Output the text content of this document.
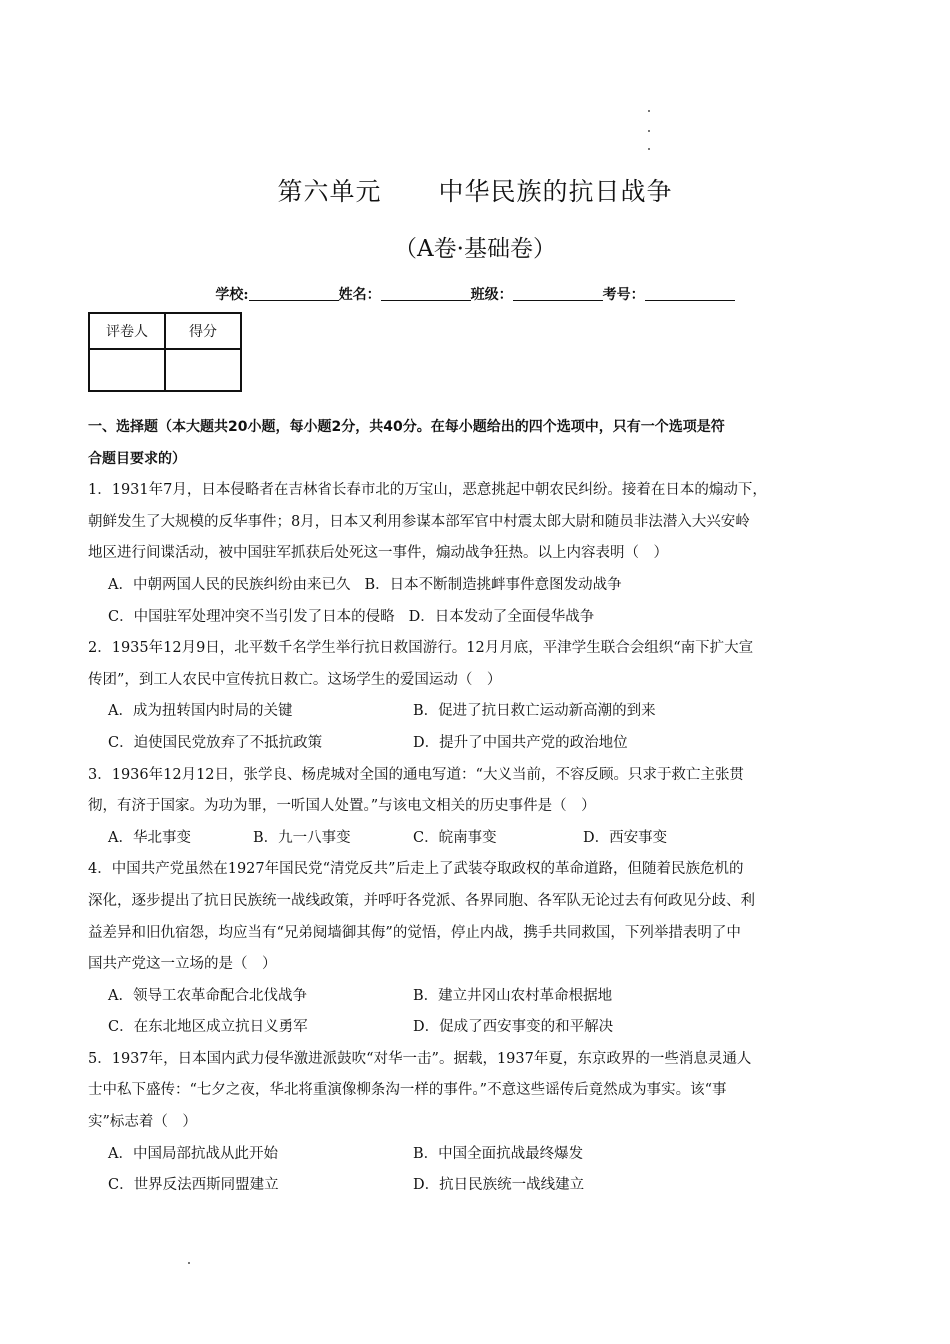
第六单元 中华民族的抗日战争
（A卷·基础卷）
学校:	姓名：	班级：	考号：
评卷人	得分

一、选择题（本大题共20小题，每小题2分，共40分。在每小题给出的四个选项中，只有一个选项是符
合题目要求的）
1．1931年7月，日本侵略者在吉林省长春市北的万宝山，恶意挑起中朝农民纠纷。接着在日本的煽动下，
朝鲜发生了大规模的反华事件；8月，日本又利用参谋本部军官中村震太郎大尉和随员非法潜入大兴安岭
地区进行间谍活动，被中国驻军抓获后处死这一事件，煽动战争狂热。以上内容表明（　）
A．中朝两国人民的民族纠纷由来已久 B．日本不断制造挑衅事件意图发动战争
C．中国驻军处理冲突不当引发了日本的侵略 D．日本发动了全面侵华战争
2．1935年12月9日，北平数千名学生举行抗日救国游行。12月月底，平津学生联合会组织“南下扩大宣
传团”，到工人农民中宣传抗日救亡。这场学生的爱国运动（　）
A．成为扭转国内时局的关键	B．促进了抗日救亡运动新高潮的到来
C．迫使国民党放弃了不抵抗政策	D．提升了中国共产党的政治地位
3．1936年12月12日，张学良、杨虎城对全国的通电写道：“大义当前，不容反顾。只求于救亡主张贯
彻，有济于国家。为功为罪，一听国人处置。”与该电文相关的历史事件是（　）
A．华北事变	B．九一八事变	C．皖南事变	D．西安事变
4．中国共产党虽然在1927年国民党“清党反共”后走上了武装夺取政权的革命道路，但随着民族危机的
深化，逐步提出了抗日民族统一战线政策，并呼吁各党派、各界同胞、各军队无论过去有何政见分歧、利
益差异和旧仇宿怨，均应当有“兄弟阋墙御其侮”的觉悟，停止内战，携手共同救国，下列举措表明了中
国共产党这一立场的是（　）
A．领导工农革命配合北伐战争	B．建立井冈山农村革命根据地
C．在东北地区成立抗日义勇军	D．促成了西安事变的和平解决
5．1937年，日本国内武力侵华激进派鼓吹“对华一击”。据载，1937年夏，东京政界的一些消息灵通人
士中私下盛传：“七夕之夜，华北将重演像柳条沟一样的事件。”不意这些谣传后竟然成为事实。该“事
实”标志着（　）
A．中国局部抗战从此开始	B．中国全面抗战最终爆发
C．世界反法西斯同盟建立	D．抗日民族统一战线建立
